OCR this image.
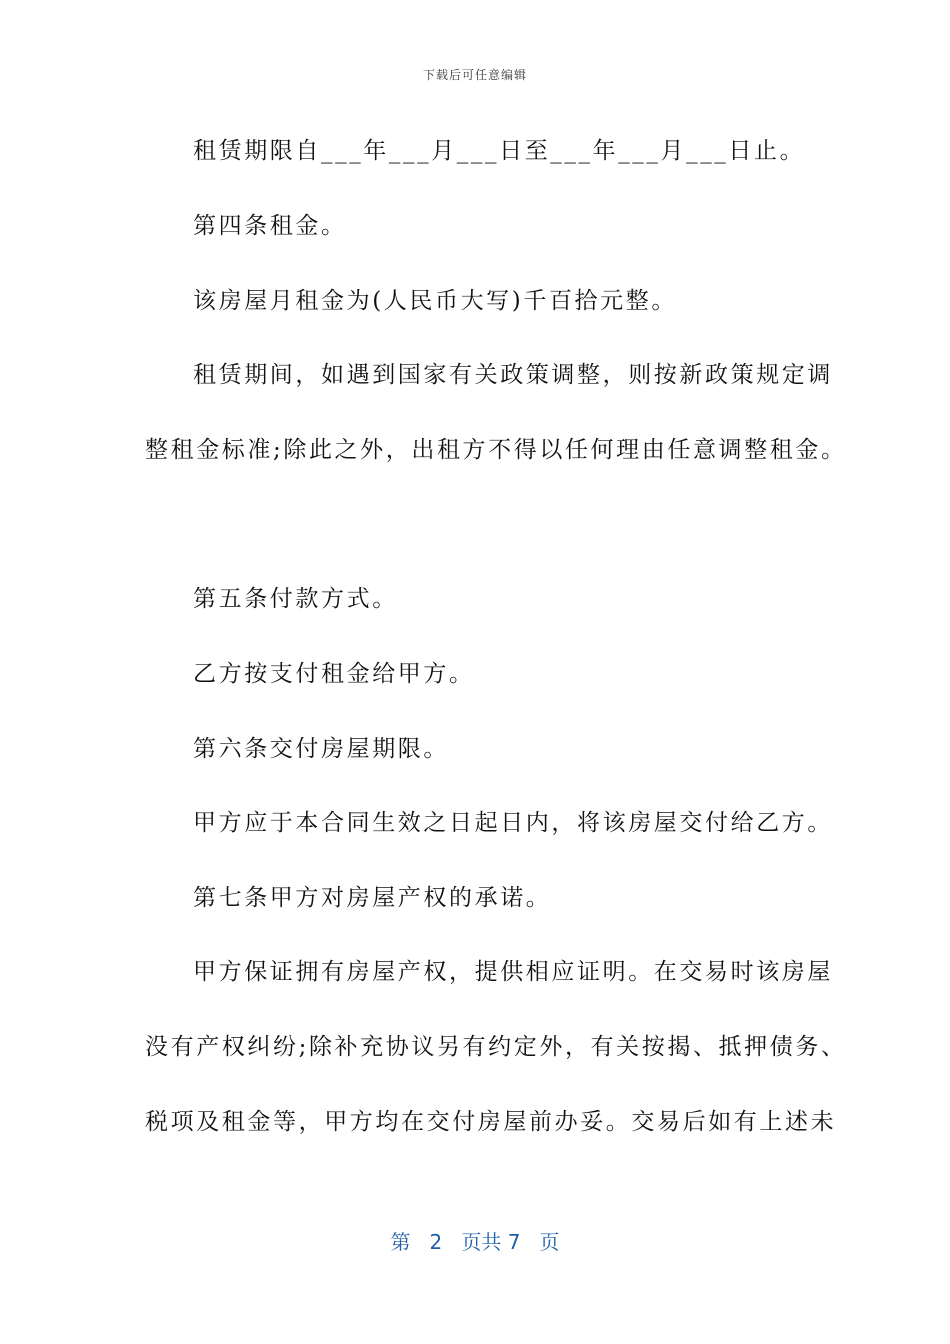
下载后可任意编辑
租赁期限自___年___月___日至___年___月___日止。
第四条租金。
该房屋月租金为(人民币大写)千百拾元整。
租赁期间，如遇到国家有关政策调整，则按新政策规定调
整租金标准;除此之外，出租方不得以任何理由任意调整租金。
第五条付款方式。
乙方按支付租金给甲方。
第六条交付房屋期限。
甲方应于本合同生效之日起日内，将该房屋交付给乙方。
第七条甲方对房屋产权的承诺。
甲方保证拥有房屋产权，提供相应证明。在交易时该房屋
没有产权纠纷;除补充协议另有约定外，有关按揭、抵押债务、
税项及租金等，甲方均在交付房屋前办妥。交易后如有上述未
第 2 页共 7 页
